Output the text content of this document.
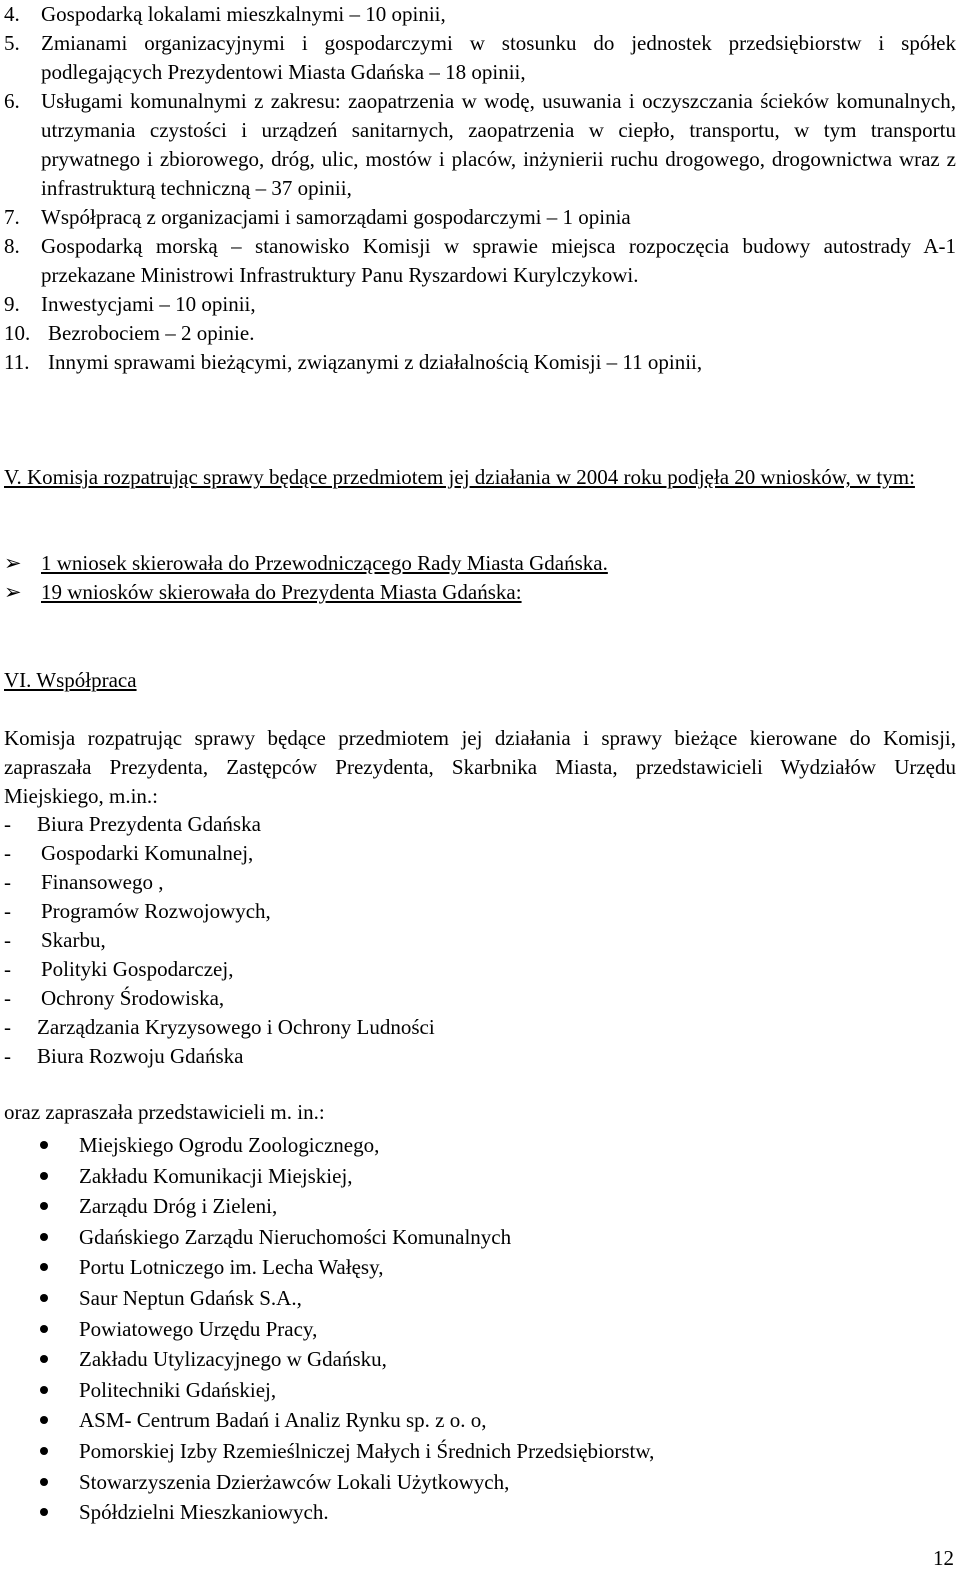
4. Gospodarką lokalami mieszkalnymi – 10 opinii,
5. Zmianami organizacyjnymi i gospodarczymi w stosunku do jednostek przedsiębiorstw i spółek podlegających Prezydentowi Miasta Gdańska – 18 opinii,
6. Usługami komunalnymi z zakresu: zaopatrzenia w wodę, usuwania i oczyszczania ścieków komunalnych, utrzymania czystości i urządzeń sanitarnych, zaopatrzenia w ciepło, transportu, w tym transportu prywatnego i zbiorowego, dróg, ulic, mostów i placów, inżynierii ruchu drogowego, drogownictwa wraz z infrastrukturą techniczną – 37 opinii,
7. Współpracą z organizacjami i samorządami gospodarczymi – 1 opinia
8. Gospodarką morską – stanowisko Komisji w sprawie miejsca rozpoczęcia budowy autostrady A-1 przekazane Ministrowi Infrastruktury Panu Ryszardowi Kurylczykowi.
9. Inwestycjami – 10 opinii,
10. Bezrobociem – 2 opinie.
11. Innymi sprawami bieżącymi, związanymi z działalnością Komisji – 11 opinii,

V. Komisja rozpatrując sprawy będące przedmiotem jej działania w 2004 roku podjęła 20 wniosków, w tym:

➢ 1 wniosek skierowała do Przewodniczącego Rady Miasta Gdańska.
➢ 19 wniosków skierowała do Prezydenta Miasta Gdańska:

VI. Współpraca

Komisja rozpatrując sprawy będące przedmiotem jej działania i sprawy bieżące kierowane do Komisji, zapraszała Prezydenta, Zastępców Prezydenta, Skarbnika Miasta, przedstawicieli Wydziałów Urzędu Miejskiego, m.in.:

- Biura Prezydenta Gdańska
- Gospodarki Komunalnej,
- Finansowego ,
- Programów Rozwojowych,
- Skarbu,
- Polityki Gospodarczej,
- Ochrony Środowiska,
- Zarządzania Kryzysowego i Ochrony Ludności
- Biura Rozwoju Gdańska

oraz zapraszała przedstawicieli m. in.:

Miejskiego Ogrodu Zoologicznego,
Zakładu Komunikacji Miejskiej,
Zarządu Dróg i Zieleni,
Gdańskiego Zarządu Nieruchomości Komunalnych
Portu Lotniczego im. Lecha Wałęsy,
Saur Neptun Gdańsk S.A.,
Powiatowego Urzędu Pracy,
Zakładu Utylizacyjnego w Gdańsku,
Politechniki Gdańskiej,
ASM- Centrum Badań i Analiz Rynku sp. z o. o,
Pomorskiej Izby Rzemieślniczej Małych i Średnich Przedsiębiorstw,
Stowarzyszenia Dzierżawców Lokali Użytkowych,
Spółdzielni Mieszkaniowych.
12
